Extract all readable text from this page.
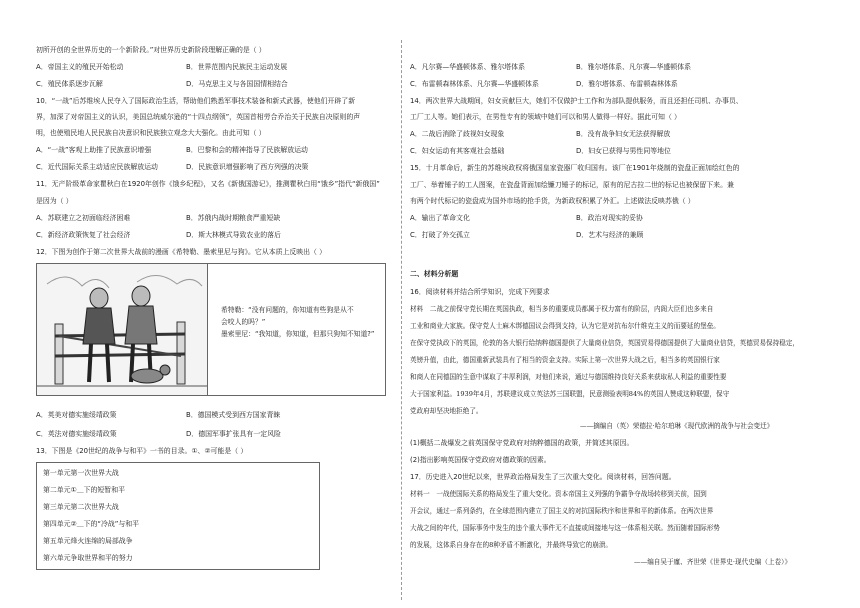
初所开创的全世界历史的一个新阶段。”对世界历史新阶段理解正确的是（ ）
A．帝国主义的殖民开始松动	B．世界范围内民族民主运动发展
C．殖民体系逐步瓦解	D．马克思主义与各国国情相结合
10．“一战”后苏维埃人民夺入了国际政治生活，帮助他们熟悉军事技术装备和新式武器，使他们开辟了新
界，加深了对帝国主义的认识，美国总统威尔逊的“十四点纲领”，英国首相劳合乔治关于民族自决原则的声
明，也使殖民地人民民族自决意识和民族独立观念大大强化。由此可知（ ）
A．“一战”客观上助推了民族意识增强	B．巴黎和会的精神指导了民族解放运动
C．近代国际关系主动适应民族解放运动	D．民族意识增强影响了西方列强的决策
11．无产阶级革命家瞿秋白在1920年创作《饿乡纪程》，又名《新俄国游记》，推测瞿秋白用“饿乡”指代“新俄国”
是因为（ ）
A．苏联建立之初面临经济困难	B．苏俄内战时期粮食严重短缺
C．新经济政策恢复了社会经济	D．斯大林模式导致农业的落后
12．下图为创作于第二次世界大战前的漫画《希特勒、墨索里尼与狗》。它从本质上反映出（ ）
希特勒：“没有问题的，你知道有些狗是从不
会咬人的吗？”
墨索里尼：“我知道，你知道，但那只狗知不知道?”
A．英美对德实施绥靖政策	B．德国模式受到西方国家青睐
C．英法对德实施绥靖政策	D．德国军事扩张具有一定风险
13．下图是《20世纪的战争与和平》一书的目录。①、②可能是（ ）
第一单元第一次世界大战
第二单元①＿下的短暂和平
第三单元第二次世界大战
第四单元②＿下的“冷战”与和平
第五单元烽火连绵的局部战争
第六单元争取世界和平的努力
A．凡尔赛—华盛顿体系、雅尔塔体系	B．雅尔塔体系、凡尔赛—华盛顿体系
C．布雷顿森林体系、凡尔赛—华盛顿体系	D．雅尔塔体系、布雷顿森林体系
14．两次世界大战期间，妇女贡献巨大，她们不仅做护士工作和为部队提供服务，而且还担任司机、办事员、
工厂工人等。她们表示，在男性专有的领域中她们可以和男人做得一样好。据此可知（ ）
A．二战后消除了歧视妇女现象	B．没有战争妇女无法获得解放
C．妇女运动有其客观社会基础	D．妇女已获得与男性同等地位
15．十月革命后，新生的苏维埃政权将俄国皇家瓷器厂收归国有。该厂在1901年烧制的瓷盘正面加绘红色的
工厂、举着锤子的工人图案，在瓷盘背面加绘镰刀锤子的标记，原有的尼古拉二世的标记也被保留下来。兼
有两个时代标记的瓷盘成为国外市场的抢手货，为新政权积累了外汇。上述做法反映苏俄（ ）
A．输出了革命文化	B．政治对现实的妥协
C．打破了外交孤立	D．艺术与经济的兼顾
二、材料分析题
16．阅读材料并结合所学知识，完成下列要求
材料　二战之前保守党长期在英国执政，相当多的重要成员都属于权力富有的阶层，内阁大臣们也多来自
工业和商业大家族。保守党人士麻木绑德国议会得到支持，认为它是对抗布尔什维克主义的而要延的堡垒。
在保守党执政下的英国，伦敦的各大银行给纳粹德国提供了大量商业信贷，英国贸易得德国提供了大量商业信贷，英德贸易保持稳定，
英镑升值，由此，德国重新武装具有了相当的资金支持。实际上第一次世界大战之后，相当多的英国银行家
和商人在同德国的生意中谋取了丰厚利润，对他们来说，通过与德国维持良好关系来获取私人利益的重要性要
大于国家利益。1939年4月，苏联建议成立英法苏三国联盟，民意测验表明84%的英国人赞成这种联盟，保守
党政府却坚决地拒绝了。
——摘编自（英）荣德拉·哈尔珀琳《现代欧洲的战争与社会变迁》
(1)概括二战爆发之前英国保守党政府对纳粹德国的政策，并简述其原因。
(2)指出影响英国保守党政府对德政策的因素。
17．历史进入20世纪以来，世界政治格局发生了三次重大变化。阅读材料，回答问题。
材料一　一战使国际关系的格局发生了重大变化。资本帝国主义列强的争霸争夺战场转移到关前，国到
开会议，通过一系列条约，在全球范围内建立了国主义的对抗国际秩序和世界和平的新体系。在两次世界
大战之间的年代，国际事务中发生的违个重大事件无不直接或间接地与这一体系相关联。然而随着国际形势
的发展，这体系自身存在的8种矛盾不断激化，并最终导致它的崩溃。
——编自吴于廑、齐世荣《世界史·现代史编（上卷）》
